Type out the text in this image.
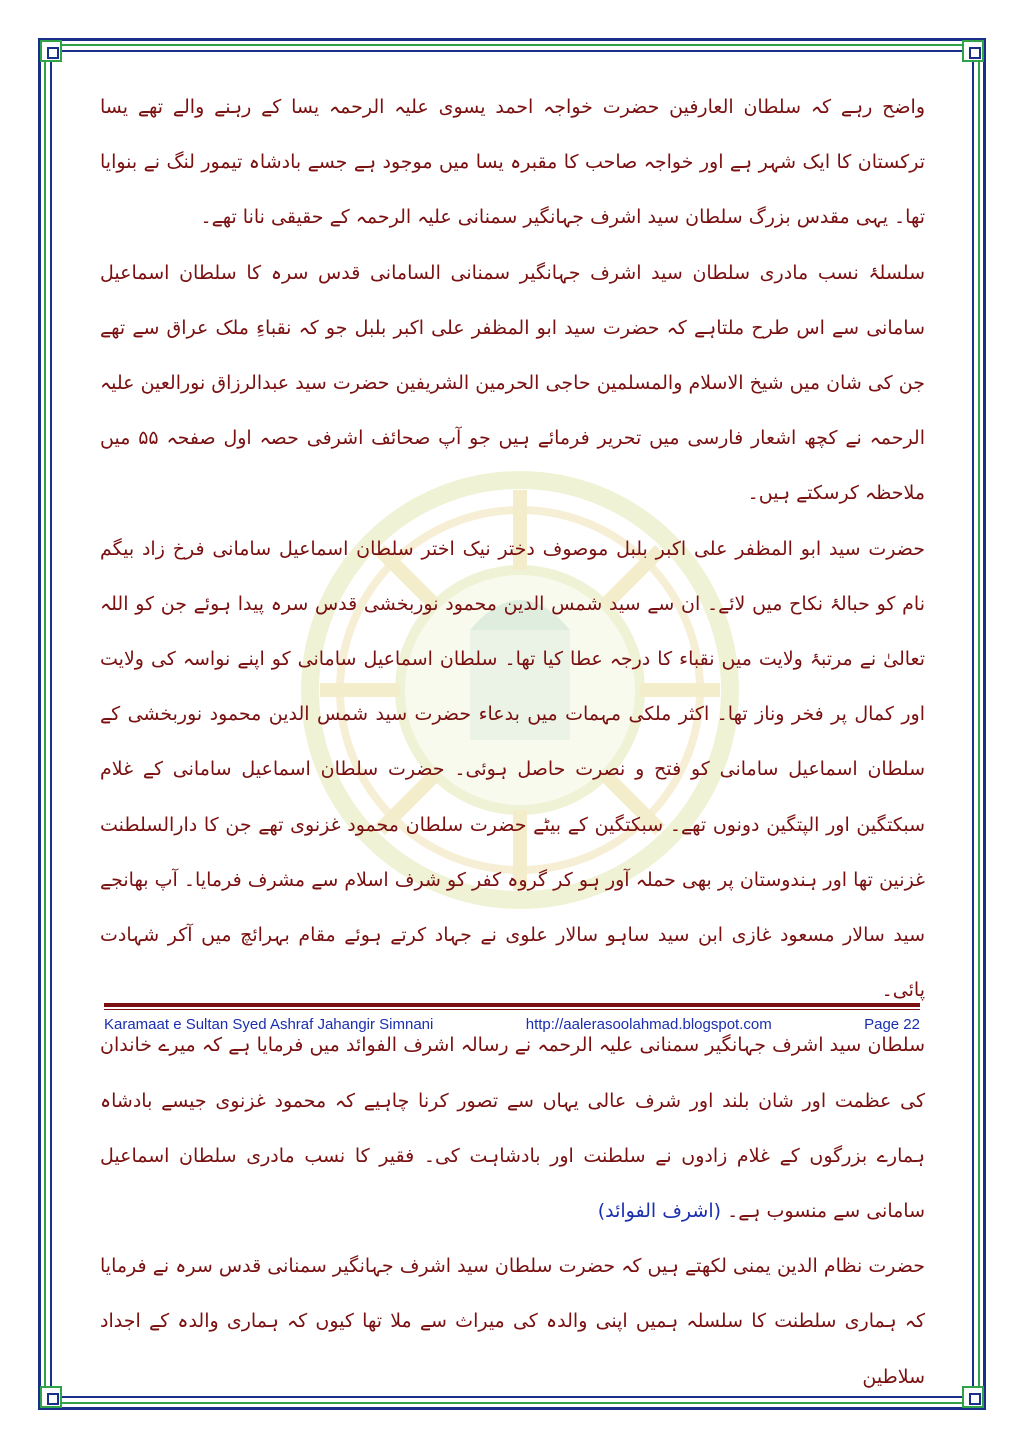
واضح رہے کہ سلطان العارفین حضرت خواجہ احمد یسوی علیہ الرحمہ یسا کے رہنے والے تھے یسا ترکستان کا ایک شہر ہے اور خواجہ صاحب کا مقبرہ یسا میں موجود ہے جسے بادشاہ تیمور لنگ نے بنوایا تھا۔ یہی مقدس بزرگ سلطان سید اشرف جہانگیر سمنانی علیہ الرحمہ کے حقیقی نانا تھے۔

سلسلۂ نسب مادری سلطان سید اشرف جہانگیر سمنانی السامانی قدس سرہ کا سلطان اسماعیل سامانی سے اس طرح ملتاہے کہ حضرت سید ابو المظفر علی اکبر بلبل جو کہ نقباءِ ملک عراق سے تھے جن کی شان میں شیخ الاسلام والمسلمین حاجی الحرمین الشریفین حضرت سید عبدالرزاق نورالعین علیہ الرحمہ نے کچھ اشعار فارسی میں تحریر فرمائے ہیں جو آپ صحائف اشرفی حصہ اول صفحہ ۵۵ میں ملاحظہ کرسکتے ہیں۔

حضرت سید ابو المظفر علی اکبر بلبل موصوف دختر نیک اختر سلطان اسماعیل سامانی فرخ زاد بیگم نام کو حبالۂ نکاح میں لائے۔ ان سے سید شمس الدین محمود نوربخشی قدس سرہ پیدا ہوئے جن کو اللہ تعالیٰ نے مرتبۂ ولایت میں نقباء کا درجہ عطا کیا تھا۔ سلطان اسماعیل سامانی کو اپنے نواسہ کی ولایت اور کمال پر فخر وناز تھا۔ اکثر ملکی مہمات میں بدعاء حضرت سید شمس الدین محمود نوربخشی کے سلطان اسماعیل سامانی کو فتح و نصرت حاصل ہوئی۔ حضرت سلطان اسماعیل سامانی کے غلام سبکتگین اور الپتگین دونوں تھے۔ سبکتگین کے بیٹے حضرت سلطان محمود غزنوی تھے جن کا دارالسلطنت غزنین تھا اور ہندوستان پر بھی حملہ آور ہو کر گروہ کفر کو شرف اسلام سے مشرف فرمایا۔ آپ بھانجے سید سالار مسعود غازی ابن سید ساہو سالار علوی نے جہاد کرتے ہوئے مقام بہرائچ میں آکر شہادت پائی۔

سلطان سید اشرف جہانگیر سمنانی علیہ الرحمہ نے رسالہ اشرف الفوائد میں فرمایا ہے کہ میرے خاندان کی عظمت اور شان بلند اور شرف عالی یہاں سے تصور کرنا چاہیے کہ محمود غزنوی جیسے بادشاہ ہمارے بزرگوں کے غلام زادوں نے سلطنت اور بادشاہت کی۔ فقیر کا نسب مادری سلطان اسماعیل سامانی سے منسوب ہے۔ (اشرف الفوائد)

حضرت نظام الدین یمنی لکھتے ہیں کہ حضرت سلطان سید اشرف جہانگیر سمنانی قدس سرہ نے فرمایا کہ ہماری سلطنت کا سلسلہ ہمیں اپنی والدہ کی میراث سے ملا تھا کیوں کہ ہماری والدہ کے اجداد سلاطین

Karamaat e Sultan Syed Ashraf Jahangir Simnani	http://aalerasoolahmad.blogspot.com	Page 22
